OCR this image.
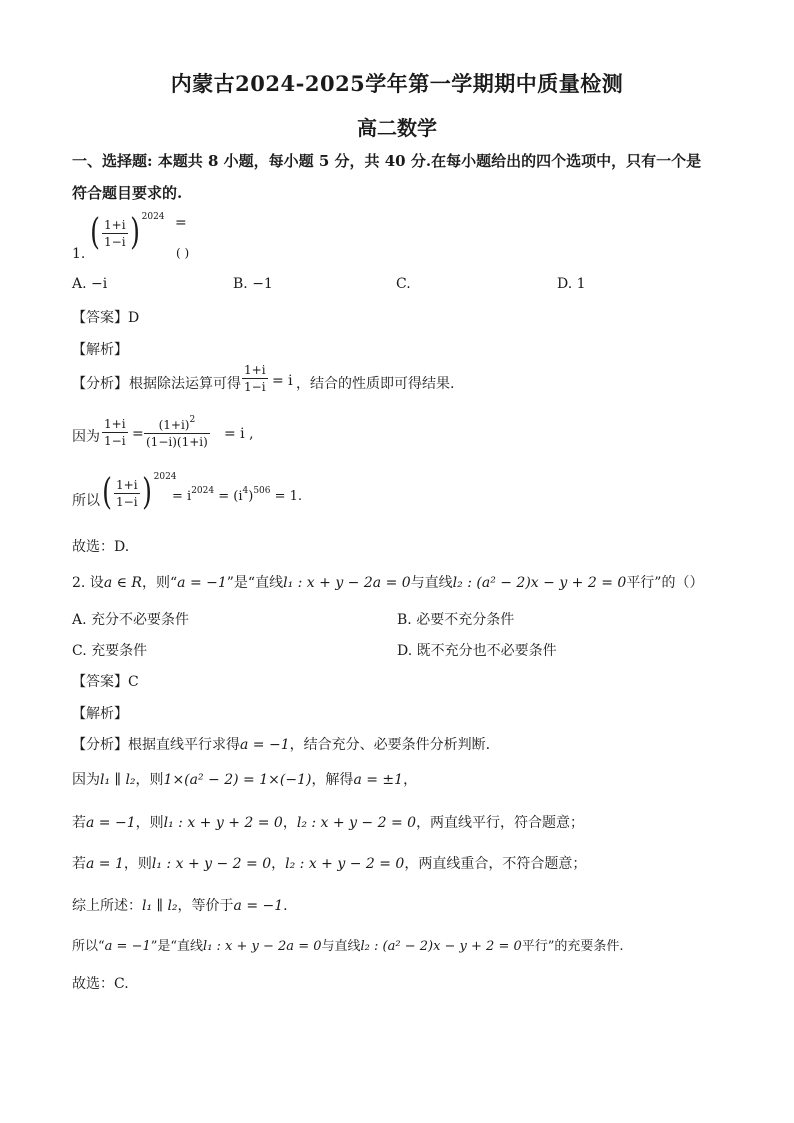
内蒙古2024-2025学年第一学期期中质量检测
高二数学
一、选择题: 本题共 8 小题，每小题 5 分，共 40 分.在每小题给出的四个选项中，只有一个是
符合题目要求的.
1.
( $\frac{1+i}{1-i}$ ) $^{2024}$ =
( )
A. −i	B. −1	C.	D. 1
【答案】D
【解析】
【分析】 根据除法运算可得 $\frac{1+i}{1-i} = i$ ，结合的性质即可得结果.
因为 $\frac{1+i}{1-i} = \frac{(1+i)^2}{(1-i)(1+i)} = i$ ,
所以 ( $\frac{1+i}{1-i}$ ) $^{2024}$
= $i^{2024} = (i^4)^{506} = 1$.
故选：D.
2. 设a ∈ R，则“a = −1”是“直线l₁ : x + y − 2a = 0与直线l₂ : (a² − 2)x − y + 2 = 0平行”的（）
A. 充分不必要条件	B. 必要不充分条件
C. 充要条件	D. 既不充分也不必要条件
【答案】C
【解析】
【分析】根据直线平行求得a = −1，结合充分、必要条件分析判断.
因为l₁ ∥ l₂，则1×(a² − 2) = 1×(−1)，解得a = ±1，
若a = −1，则l₁ : x + y + 2 = 0，l₂ : x + y − 2 = 0，两直线平行，符合题意；
若a = 1，则l₁ : x + y − 2 = 0，l₂ : x + y − 2 = 0，两直线重合，不符合题意；
综上所述：l₁ ∥ l₂，等价于a = −1.
所以“a = −1”是“直线l₁ : x + y − 2a = 0与直线l₂ : (a² − 2)x − y + 2 = 0平行”的充要条件.
故选：C.
